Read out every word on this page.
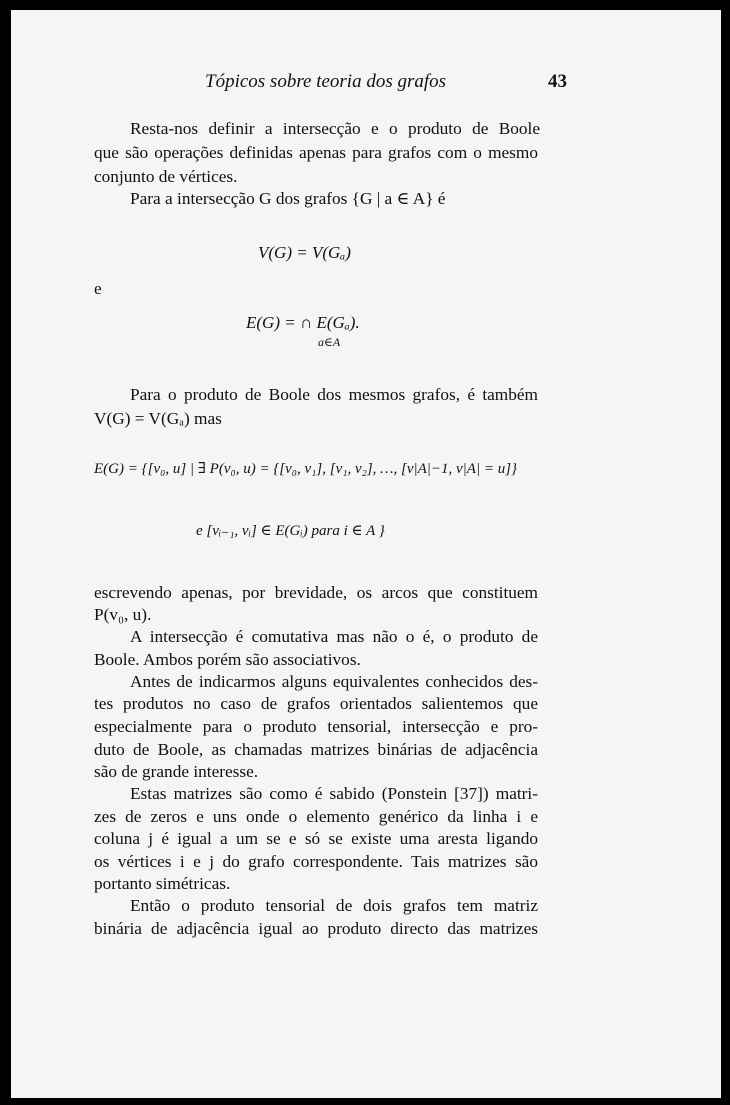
Tópicos sobre teoria dos grafos	43
Resta-nos definir a intersecção e o produto de Boole
que são operações definidas apenas para grafos com o mesmo
conjunto de vértices.
Para a intersecção G dos grafos {G | a ∈ A} é
V(G) = V(Gₐ)
e
E(G) = ∩ E(Gₐ).
a∈A
Para o produto de Boole dos mesmos grafos, é também
V(G) = V(Gₐ) mas
E(G) = {[v₀, u] | ∃ P(v₀, u) = {[v₀, v₁], [v₁, v₂], …, [v|A|−1, v|A| = u]}
e [vᵢ₋₁, vᵢ] ∈ E(Gᵢ) para i ∈ A }
escrevendo apenas, por brevidade, os arcos que constituem
P(v₀, u).
A intersecção é comutativa mas não o é, o produto de
Boole. Ambos porém são associativos.
Antes de indicarmos alguns equivalentes conhecidos des-
tes produtos no caso de grafos orientados salientemos que
especialmente para o produto tensorial, intersecção e pro-
duto de Boole, as chamadas matrizes binárias de adjacência
são de grande interesse.
Estas matrizes são como é sabido (Ponstein [37]) matri-
zes de zeros e uns onde o elemento genérico da linha i e
coluna j é igual a um se e só se existe uma aresta ligando
os vértices i e j do grafo correspondente. Tais matrizes são
portanto simétricas.
Então o produto tensorial de dois grafos tem matriz
binária de adjacência igual ao produto directo das matrizes
